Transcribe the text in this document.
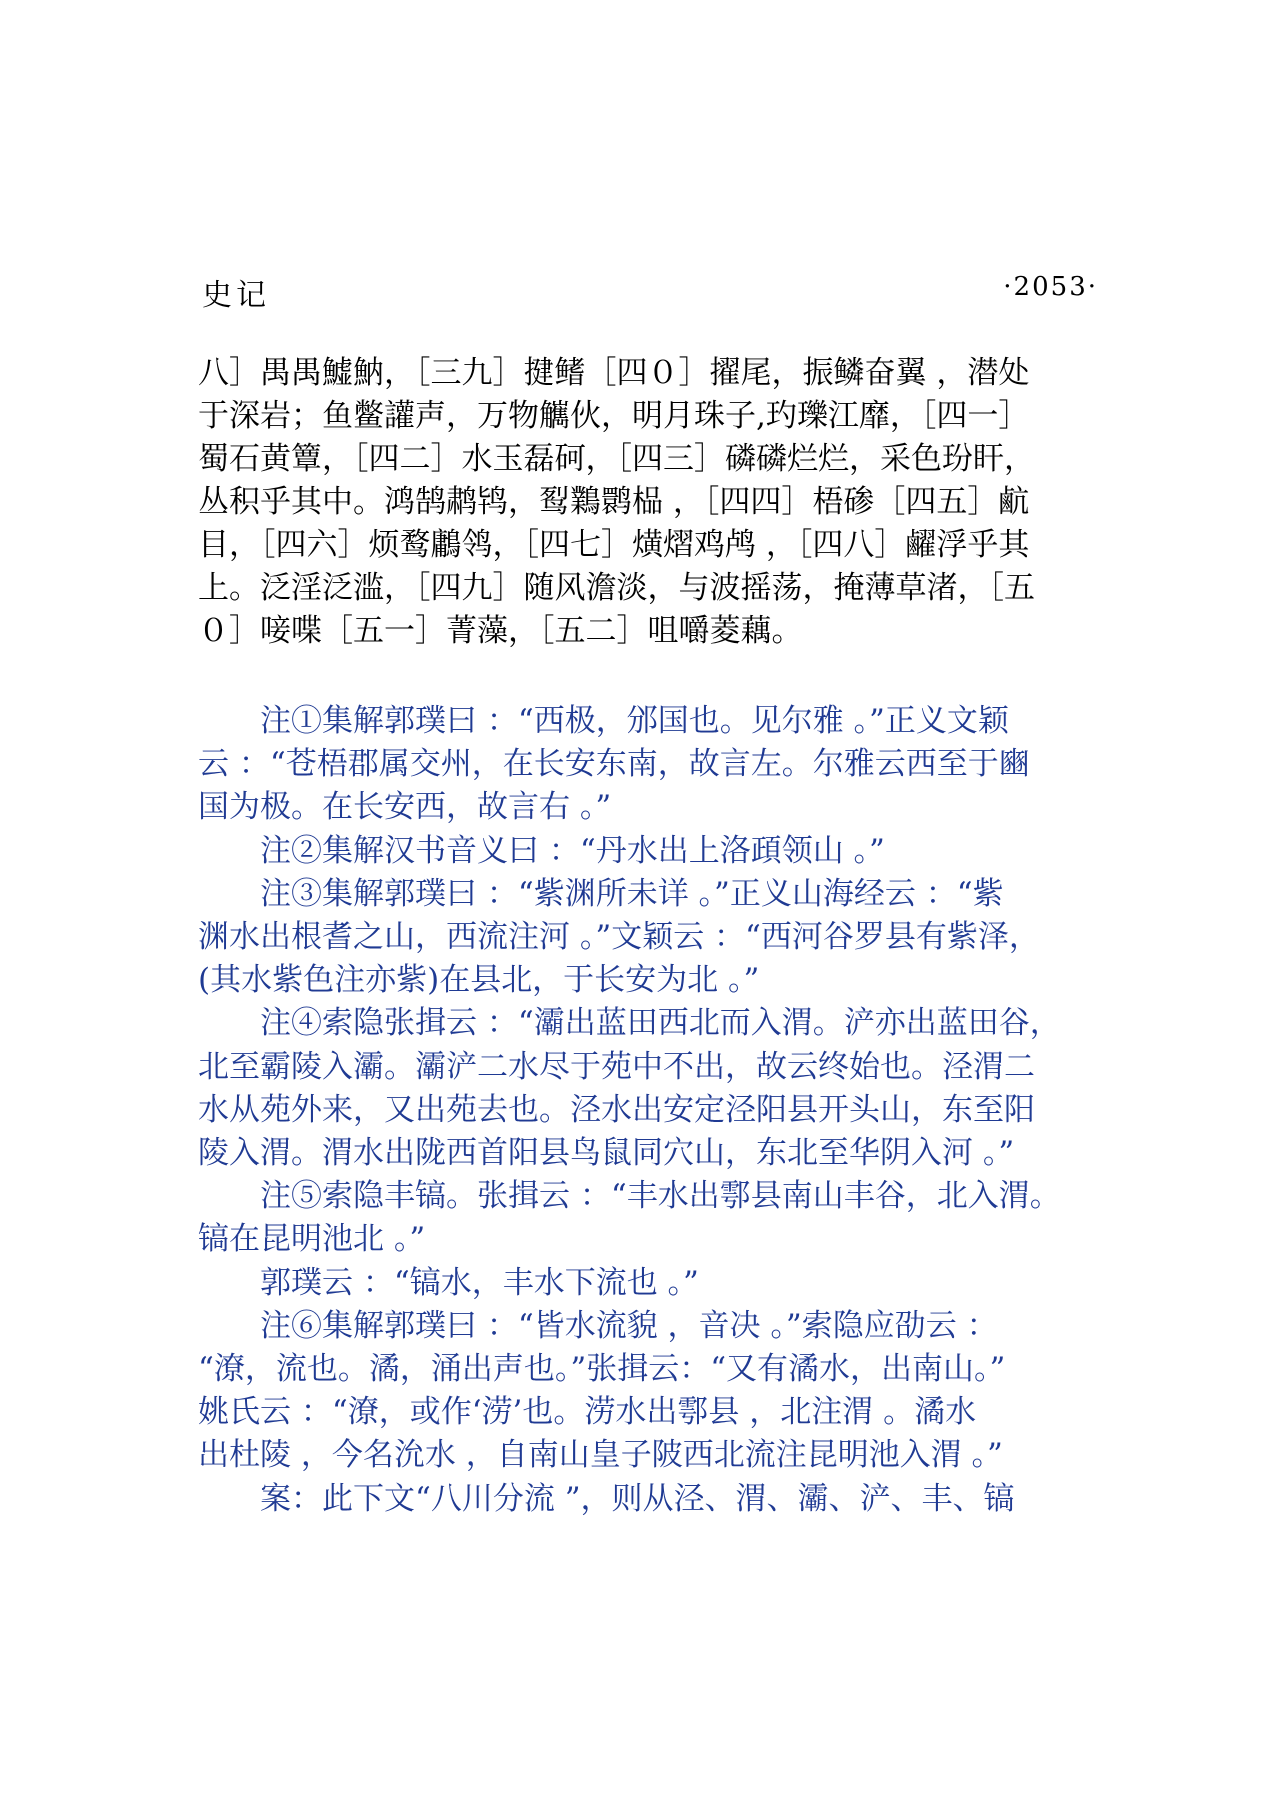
史记	·2053·
八］禺禺鱋魶，［三九］揵鳍［四０］擢尾，振鳞奋翼 ，潜处
于深岩；鱼鳖讙声，万物觽伙，明月珠子,玓瓅江靡，［四一］
蜀石黄簟，［四二］水玉磊砢，［四三］磷磷烂烂，采色玢盰，
丛积乎其中。鸿鹄鹔鸨，䴕鸈鹮榀 ，［四四］梧碜［四五］䴚
目，［四六］烦鹜鷛鸰，［四七］熿熠鸡鸬 ，［四八］䴞浮乎其
上。泛淫泛滥，［四九］随风澹淡，与波摇荡，掩薄草渚，［五
０］唼喋［五一］菁藻，［五二］咀嚼菱藕。
注①集解郭璞曰 ：“西极，邠国也。见尔雅 。”正义文颖
云 ：“苍梧郡属交州，在长安东南，故言左。尔雅云西至于豳
国为极。在长安西，故言右 。”
注②集解汉书音义曰 ：“丹水出上洛頙领山 。”
注③集解郭璞曰 ：“紫渊所未详 。”正义山海经云 ：“紫
渊水出根耆之山，西流注河 。”文颖云 ：“西河谷罗县有紫泽，
(其水紫色注亦紫)在县北，于长安为北 。”
注④索隐张揖云 ：“灞出蓝田西北而入渭。浐亦出蓝田谷，
北至霸陵入灞。灞浐二水尽于苑中不出，故云终始也。泾渭二
水从苑外来，又出苑去也。泾水出安定泾阳县开头山，东至阳
陵入渭。渭水出陇西首阳县鸟鼠同穴山，东北至华阴入河 。”
注⑤索隐丰镐。张揖云 ：“丰水出鄠县南山丰谷，北入渭。
镐在昆明池北 。”
郭璞云 ：“镐水，丰水下流也 。”
注⑥集解郭璞曰 ：“皆水流貌 ，音决 。”索隐应劭云 ：
“潦，流也。潏，涌出声也。”张揖云：“又有潏水，出南山。”
姚氏云 ：“潦，或作‘涝’也。涝水出鄠县 ，北注渭 。潏水
出杜陵 ，今名沇水 ，自南山皇子陂西北流注昆明池入渭 。”
案：此下文“八川分流 ”，则从泾、渭、灞、浐、丰、镐
